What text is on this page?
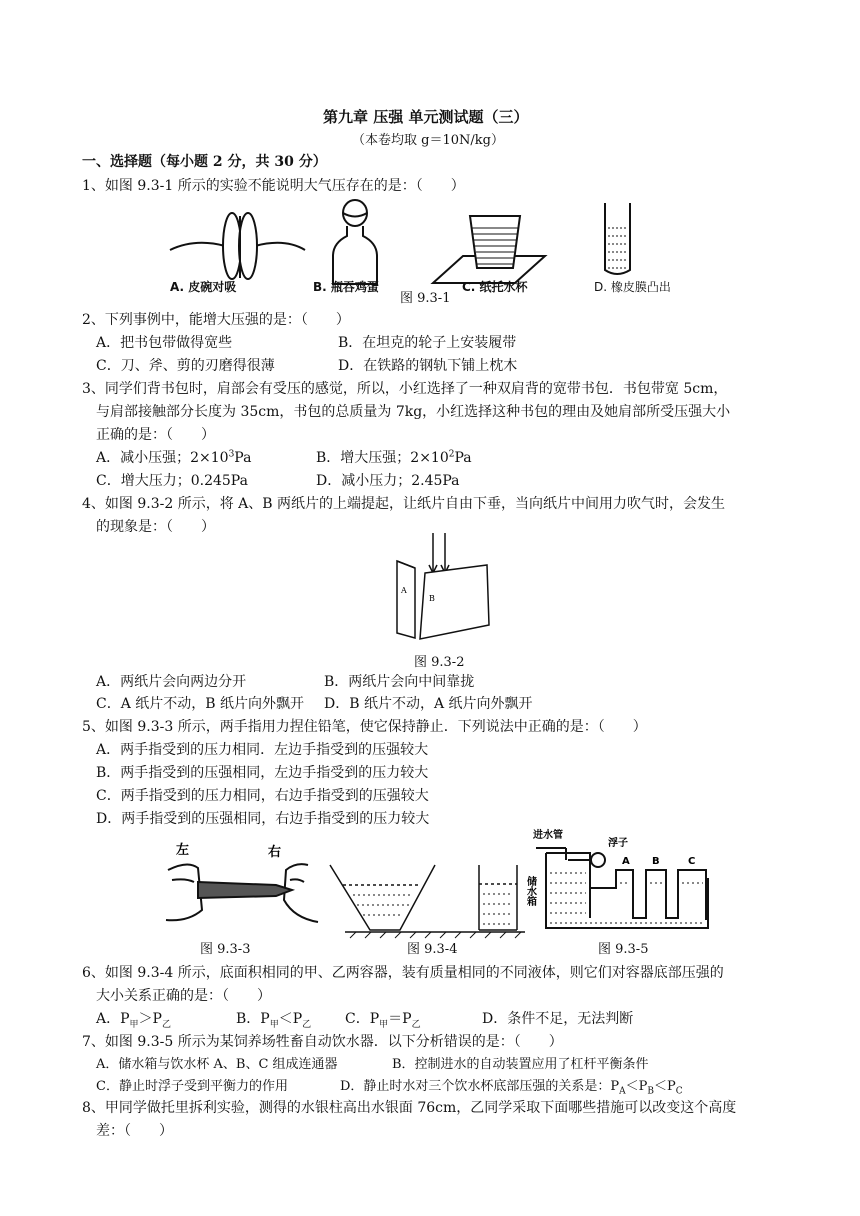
第九章 压强 单元测试题（三）
（本卷均取 g＝10N/kg）
一、选择题（每小题 2 分，共 30 分）
1、如图 9.3-1 所示的实验不能说明大气压存在的是：（　　）
A. 皮碗对吸	B. 瓶吞鸡蛋
图 9.3-1
C. 纸托水杯	D. 橡皮膜凸出
2、下列事例中，能增大压强的是：（　　）
A．把书包带做得宽些	B．在坦克的轮子上安装履带
C．刀、斧、剪的刃磨得很薄	D．在铁路的钢轨下铺上枕木
3、同学们背书包时，肩部会有受压的感觉，所以，小红选择了一种双肩背的宽带书包．书包带宽 5cm，
与肩部接触部分长度为 35cm，书包的总质量为 7kg，小红选择这种书包的理由及她肩部所受压强大小
正确的是：（　　）
A．减小压强；$2\times 10^3Pa$	B．增大压强；$2\times 10^2Pa$
C．增大压力；0.245Pa	D．减小压力；2.45Pa
4、如图 9.3-2 所示，将 A、B 两纸片的上端提起，让纸片自由下垂，当向纸片中间用力吹气时，会发生
的现象是：（　　）
A
B
图 9.3-2
A．两纸片会向两边分开	B．两纸片会向中间靠拢
C．A 纸片不动，B 纸片向外飘开 D．B 纸片不动，A 纸片向外飘开
5、如图 9.3-3 所示，两手指用力捏住铅笔，使它保持静止．下列说法中正确的是：（　　）
A．两手指受到的压力相同．左边手指受到的压强较大
B．两手指受到的压强相同，左边手指受到的压力较大
C．两手指受到的压力相同，右边手指受到的压强较大
D．两手指受到的压强相同，右边手指受到的压力较大
左	右
图 9.3-3	图 9.3-4
进水管
浮子
储水箱
A B	C
图 9.3-5
6、如图 9.3-4 所示，底面积相同的甲、乙两容器，装有质量相同的不同液体，则它们对容器底部压强的
大小关系正确的是：（　　）
A．$P_甲>P_乙$	B．$P_甲<P_乙$ C．$P_甲=P_乙$	D．条件不足，无法判断
7、如图 9.3-5 所示为某饲养场牲畜自动饮水器．以下分析错误的是：（　　）
A．储水箱与饮水杯 A、B、C 组成连通器	B．控制进水的自动装置应用了杠杆平衡条件
C．静止时浮子受到平衡力的作用	D．静止时水对三个饮水杯底部压强的关系是：$P_A<P_B<P_C$
8、甲同学做托里拆利实验，测得的水银柱高出水银面 76cm，乙同学采取下面哪些措施可以改变这个高度
差：（　　）
